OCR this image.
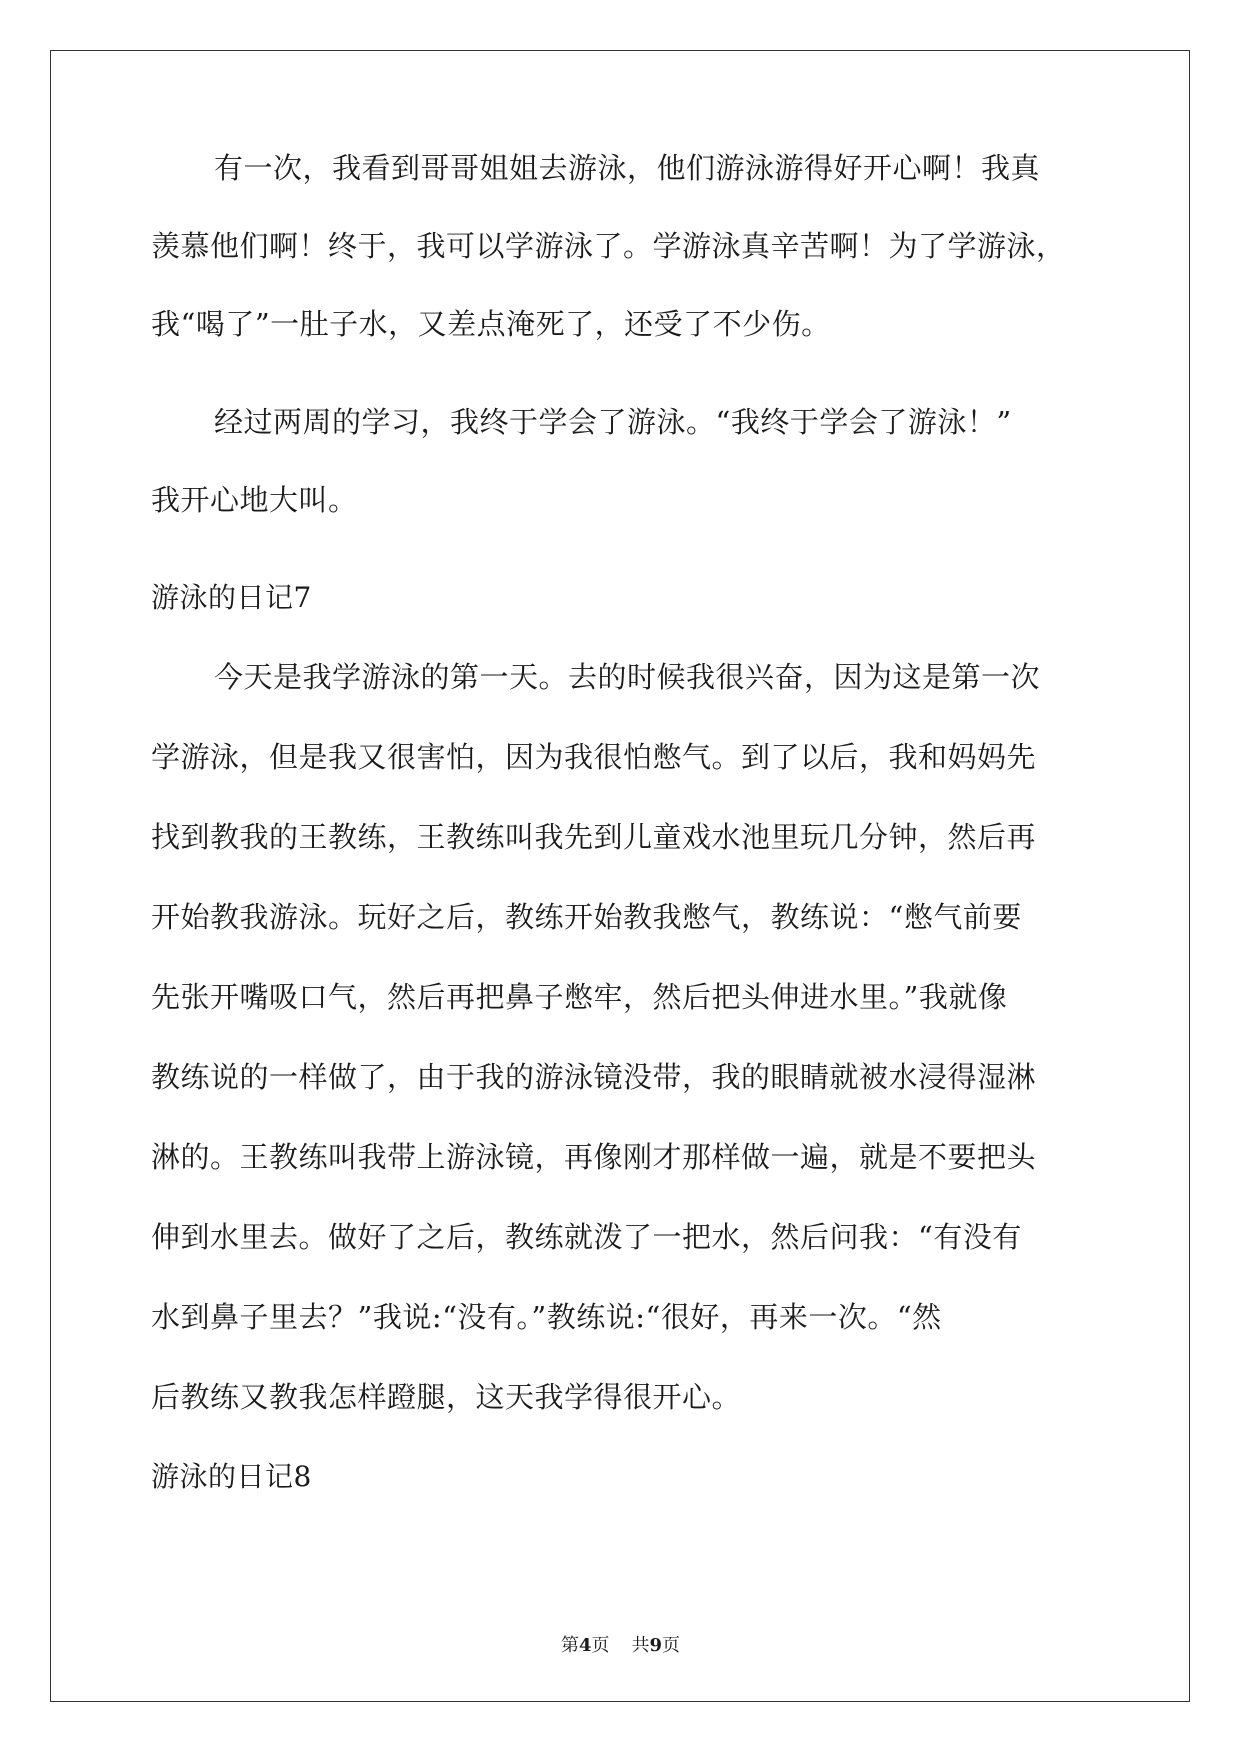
有一次，我看到哥哥姐姐去游泳，他们游泳游得好开心啊！我真
羡慕他们啊！终于，我可以学游泳了。学游泳真辛苦啊！为了学游泳，
我“喝了”一肚子水，又差点淹死了，还受了不少伤。
经过两周的学习，我终于学会了游泳。“我终于学会了游泳！”
我开心地大叫。
游泳的日记7
今天是我学游泳的第一天。去的时候我很兴奋，因为这是第一次
学游泳，但是我又很害怕，因为我很怕憋气。到了以后，我和妈妈先
找到教我的王教练，王教练叫我先到儿童戏水池里玩几分钟，然后再
开始教我游泳。玩好之后，教练开始教我憋气，教练说：“憋气前要
先张开嘴吸口气，然后再把鼻子憋牢，然后把头伸进水里。”我就像
教练说的一样做了，由于我的游泳镜没带，我的眼睛就被水浸得湿淋
淋的。王教练叫我带上游泳镜，再像刚才那样做一遍，就是不要把头
伸到水里去。做好了之后，教练就泼了一把水，然后问我：“有没有
水到鼻子里去？”我说:“没有。”教练说:“很好，再来一次。“然
后教练又教我怎样蹬腿，这天我学得很开心。
游泳的日记8
第4页 共9页
